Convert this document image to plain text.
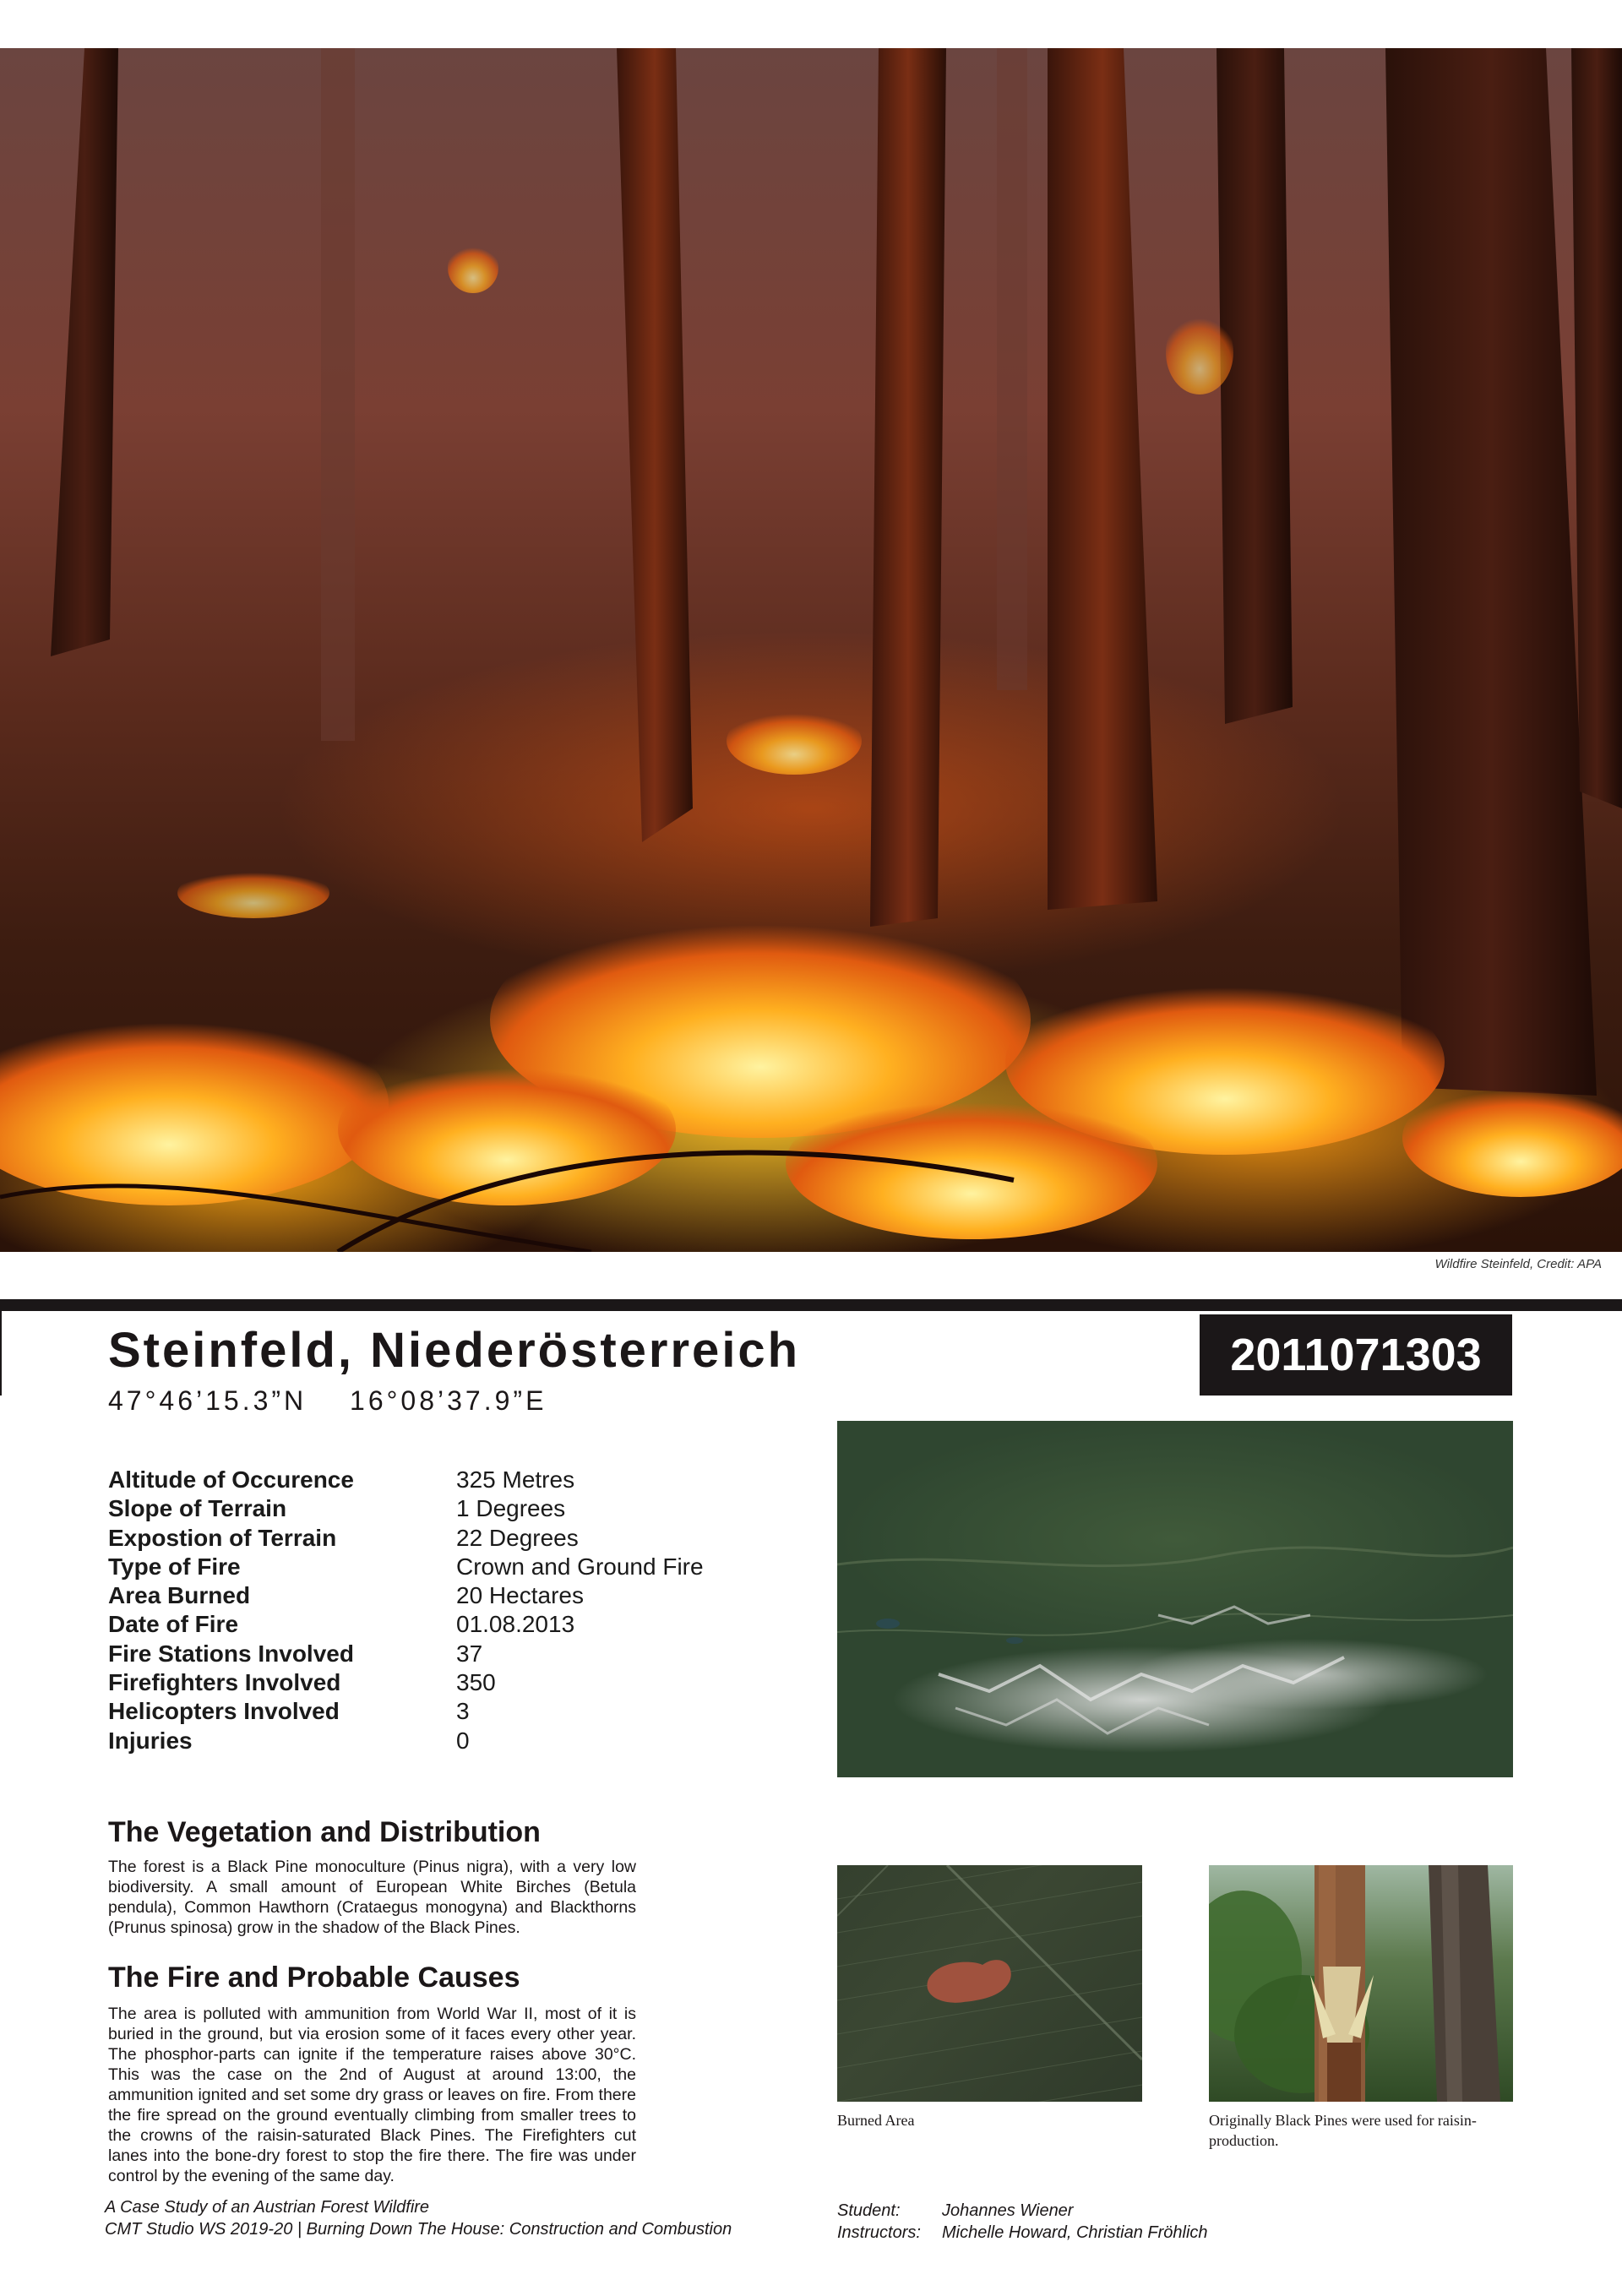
Wildfire Steinfeld, Credit: APA
Steinfeld, Niederösterreich
47°46’15.3”N 16°08’37.9”E
2011071303
Altitude of Occurence	325 Metres
Slope of Terrain	1 Degrees
Expostion of Terrain	22 Degrees
Type of Fire	Crown and Ground Fire
Area Burned	20 Hectares
Date of Fire	01.08.2013
Fire Stations Involved	37
Firefighters Involved	350
Helicopters Involved	3
Injuries	0
The Vegetation and Distribution
The forest is a Black Pine monoculture (Pinus nigra), with a very low biodiversity. A small amount of European White Birches (Betula pendula), Common Hawthorn (Crataegus monogyna) and Blackthorns (Prunus spinosa) grow in the shadow of the Black Pines.
The Fire and Probable Causes
The area is polluted with ammunition from World War II, most of it is buried in the ground, but via erosion some of it faces every other year. The phosphor-parts can ignite if the temperature raises above 30°C. This was the case on the 2nd of August at around 13:00, the ammunition ignited and set some dry grass or leaves on fire. From there the fire spread on the ground eventually climbing from smaller trees to the crowns of the raisin-saturated Black Pines. The Firefighters cut lanes into the bone-dry forest to stop the fire there. The fire was under control by the evening of the same day.
Burned Area	Originally Black Pines were used for raisin-production.
A Case Study of an Austrian Forest Wildfire
CMT Studio WS 2019-20 | Burning Down The House: Construction and Combustion
Student:	Johannes Wiener
Instructors:	Michelle Howard, Christian Fröhlich
